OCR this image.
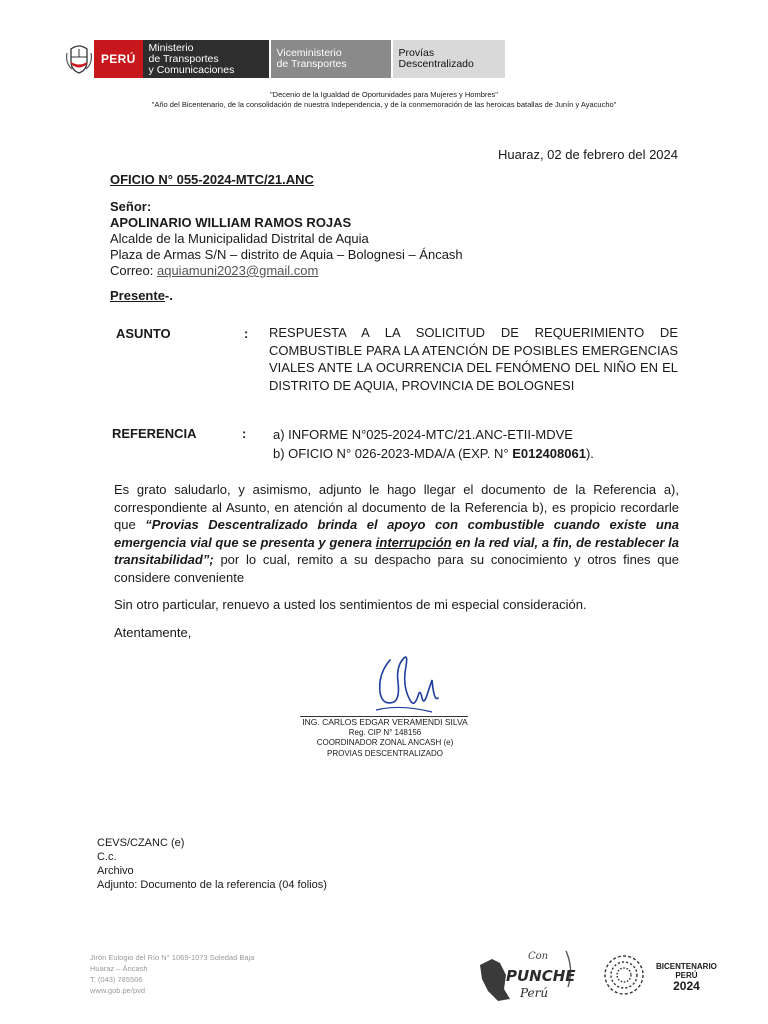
PERÚ
Ministerio
de Transportes
y Comunicaciones
Viceministerio
de Transportes
Provías
Descentralizado
"Decenio de la Igualdad de Oportunidades para Mujeres y Hombres"
"Año del Bicentenario, de la consolidación de nuestra Independencia, y de la conmemoración de las heroicas batallas de Junín y Ayacucho"
Huaraz, 02 de febrero del 2024
OFICIO N° 055-2024-MTC/21.ANC
Señor:
APOLINARIO WILLIAM RAMOS ROJAS
Alcalde de la Municipalidad Distrital de Aquia
Plaza de Armas S/N – distrito de Aquia – Bolognesi – Áncash
Correo: aquiamuni2023@gmail.com
Presente-.
ASUNTO	: RESPUESTA A LA SOLICITUD DE REQUERIMIENTO DE COMBUSTIBLE PARA LA ATENCIÓN DE POSIBLES EMERGENCIAS VIALES ANTE LA OCURRENCIA DEL FENÓMENO DEL NIÑO EN EL DISTRITO DE AQUIA, PROVINCIA DE BOLOGNESI
REFERENCIA	: a) INFORME N°025-2024-MTC/21.ANC-ETII-MDVE
b) OFICIO N° 026-2023-MDA/A (EXP. N° E012408061).
Es grato saludarlo, y asimismo, adjunto le hago llegar el documento de la Referencia a), correspondiente al Asunto, en atención al documento de la Referencia b), es propicio recordarle que “Provias Descentralizado brinda el apoyo con combustible cuando existe una emergencia vial que se presenta y genera interrupción en la red vial, a fin, de restablecer la transitabilidad”; por lo cual, remito a su despacho para su conocimiento y otros fines que considere conveniente
Sin otro particular, renuevo a usted los sentimientos de mi especial consideración.
Atentamente,
ING. CARLOS EDGAR VERAMENDI SILVA
Reg. CIP N° 148156
COORDINADOR ZONAL ANCASH (e)
PROVIAS DESCENTRALIZADO
CEVS/CZANC (e)
C.c.
Archivo
Adjunto: Documento de la referencia (04 folios)
Jirón Eulogio del Río N° 1069-1073 Soledad Baja
Huaraz – Áncash
T. (043) 785506
www.gob.pe/pvd
Con
PUNCHE
Perú
BICENTENARIO
PERÚ
2024
